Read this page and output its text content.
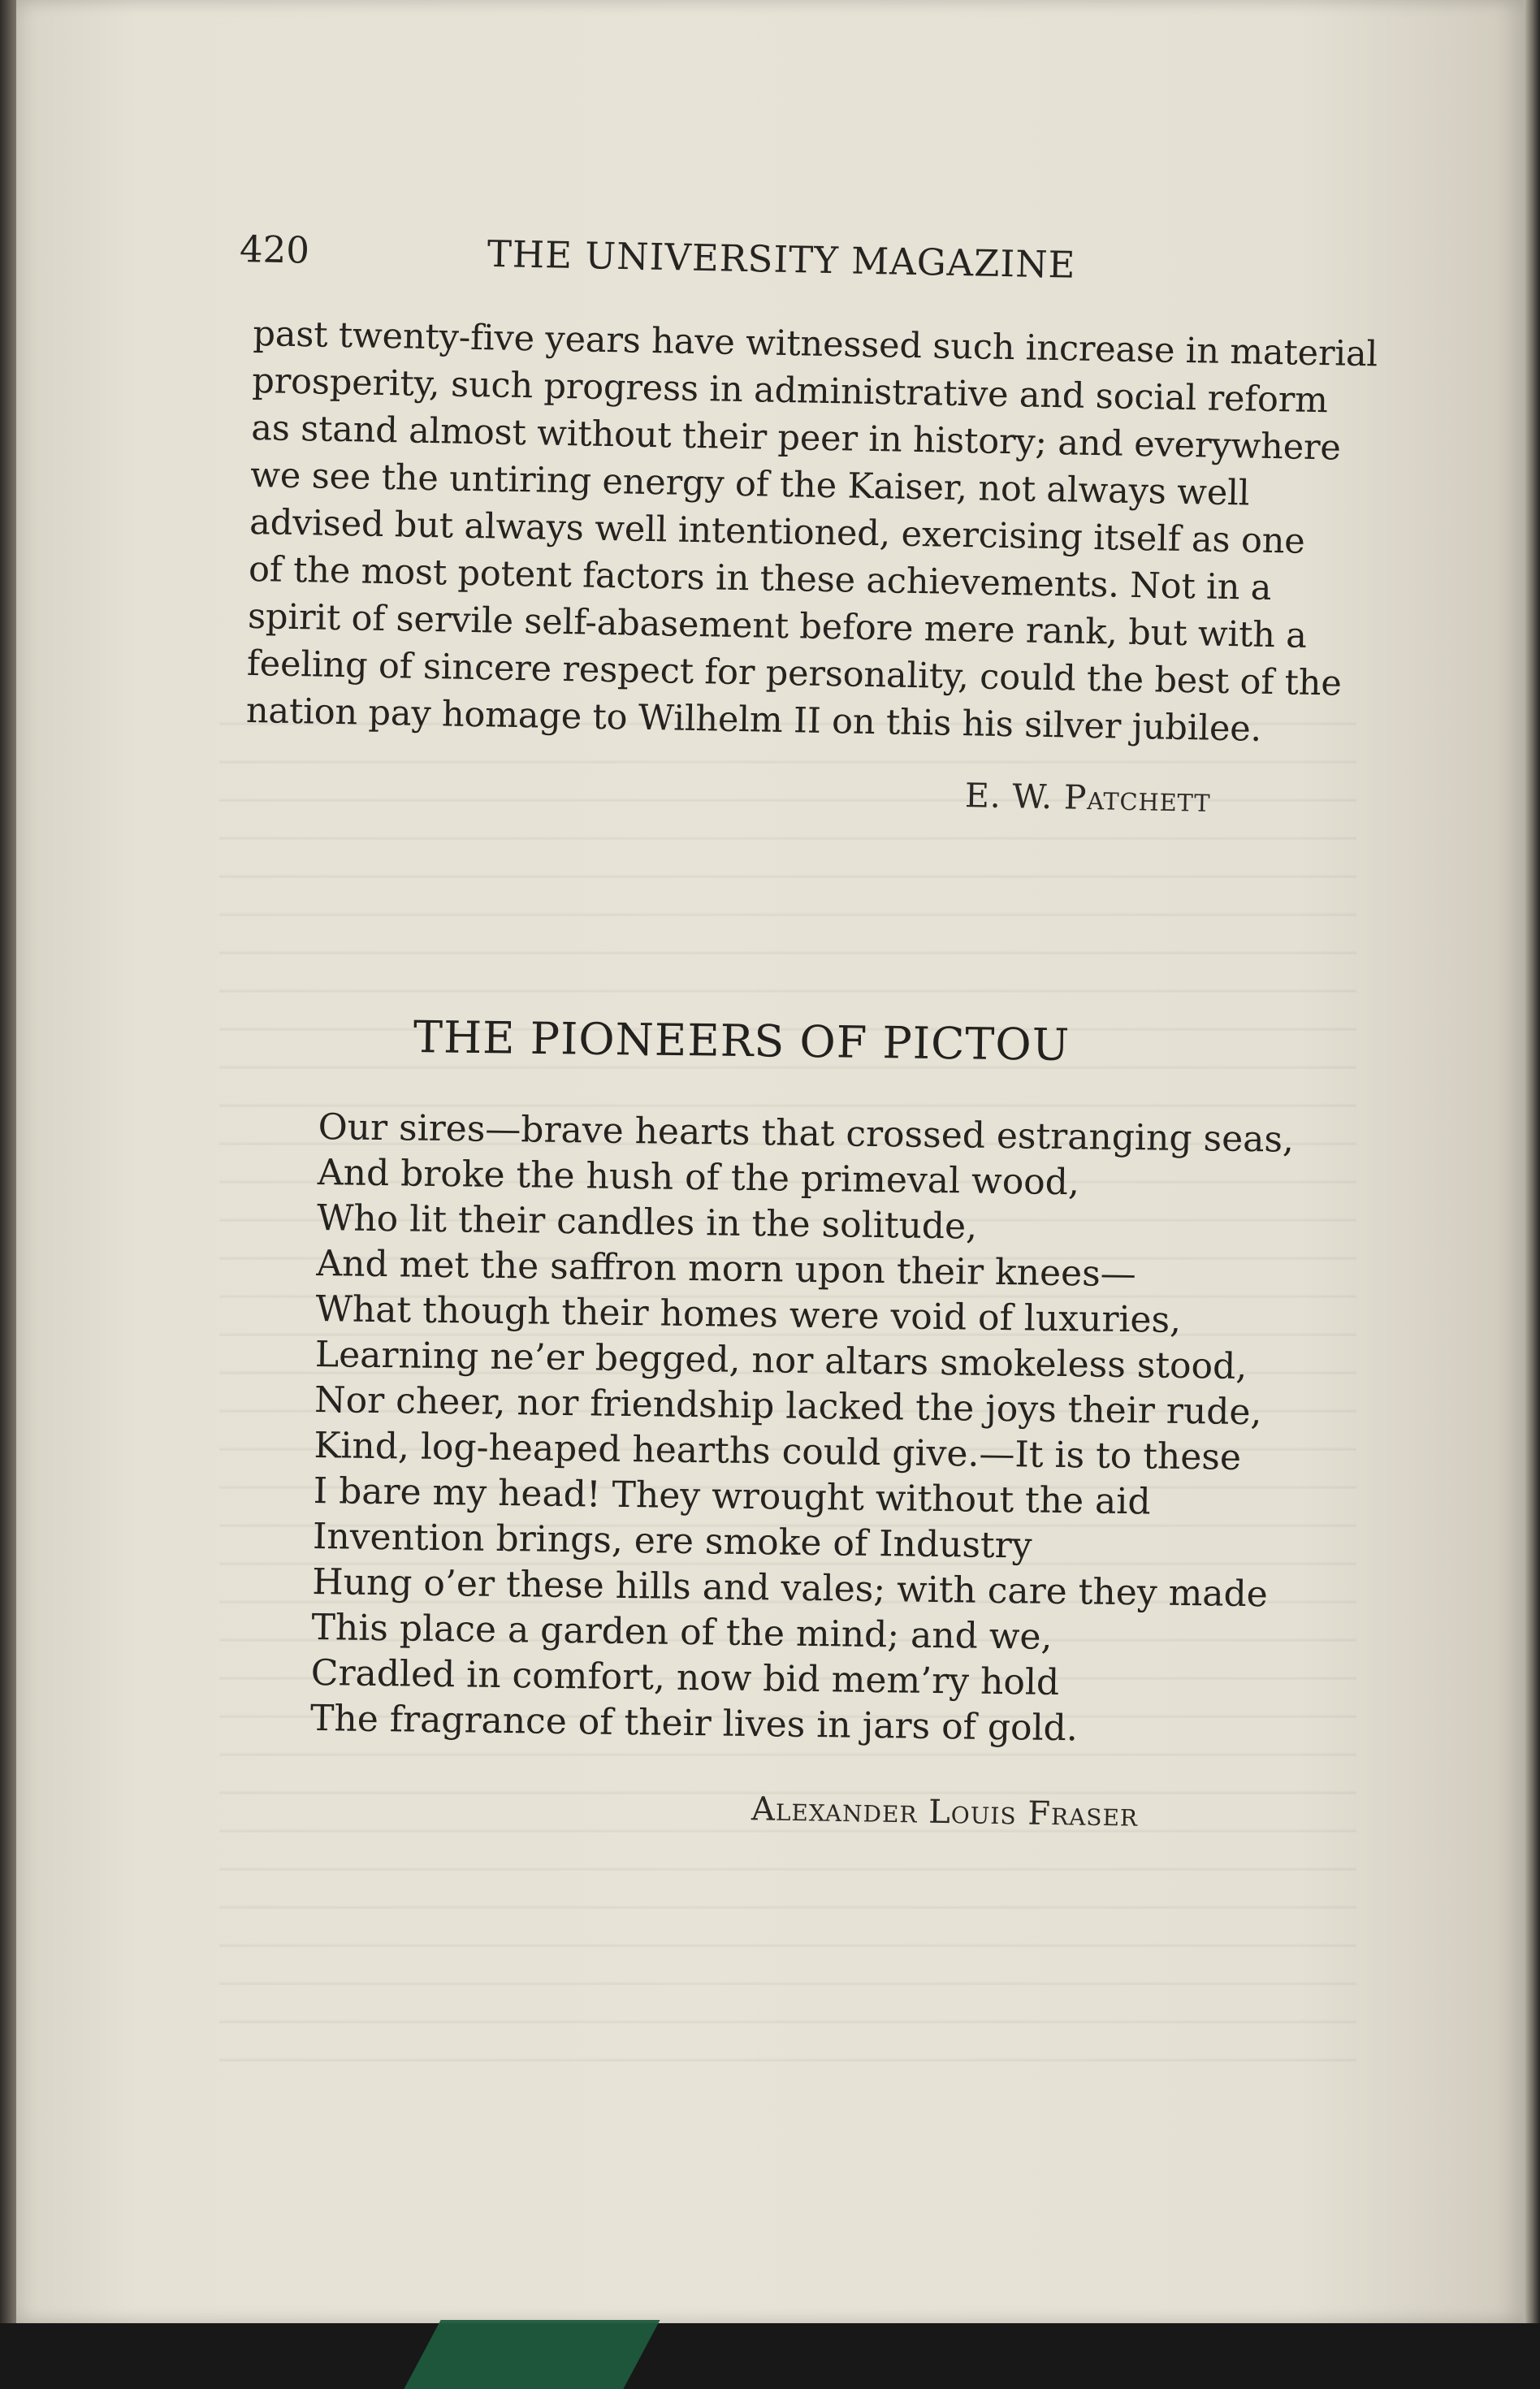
420	THE UNIVERSITY MAGAZINE
past twenty-five years have witnessed such increase in material
prosperity, such progress in administrative and social reform
as stand almost without their peer in history; and everywhere
we see the untiring energy of the Kaiser, not always well
advised but always well intentioned, exercising itself as one
of the most potent factors in these achievements. Not in a
spirit of servile self-abasement before mere rank, but with a
feeling of sincere respect for personality, could the best of the
nation pay homage to Wilhelm II on this his silver jubilee.
E. W. Patchett
THE PIONEERS OF PICTOU
Our sires—brave hearts that crossed estranging seas,
And broke the hush of the primeval wood,
Who lit their candles in the solitude,
And met the saffron morn upon their knees—
What though their homes were void of luxuries,
Learning ne’er begged, nor altars smokeless stood,
Nor cheer, nor friendship lacked the joys their rude,
Kind, log-heaped hearths could give.—It is to these
I bare my head! They wrought without the aid
Invention brings, ere smoke of Industry
Hung o’er these hills and vales; with care they made
This place a garden of the mind; and we,
Cradled in comfort, now bid mem’ry hold
The fragrance of their lives in jars of gold.
Alexander Louis Fraser
